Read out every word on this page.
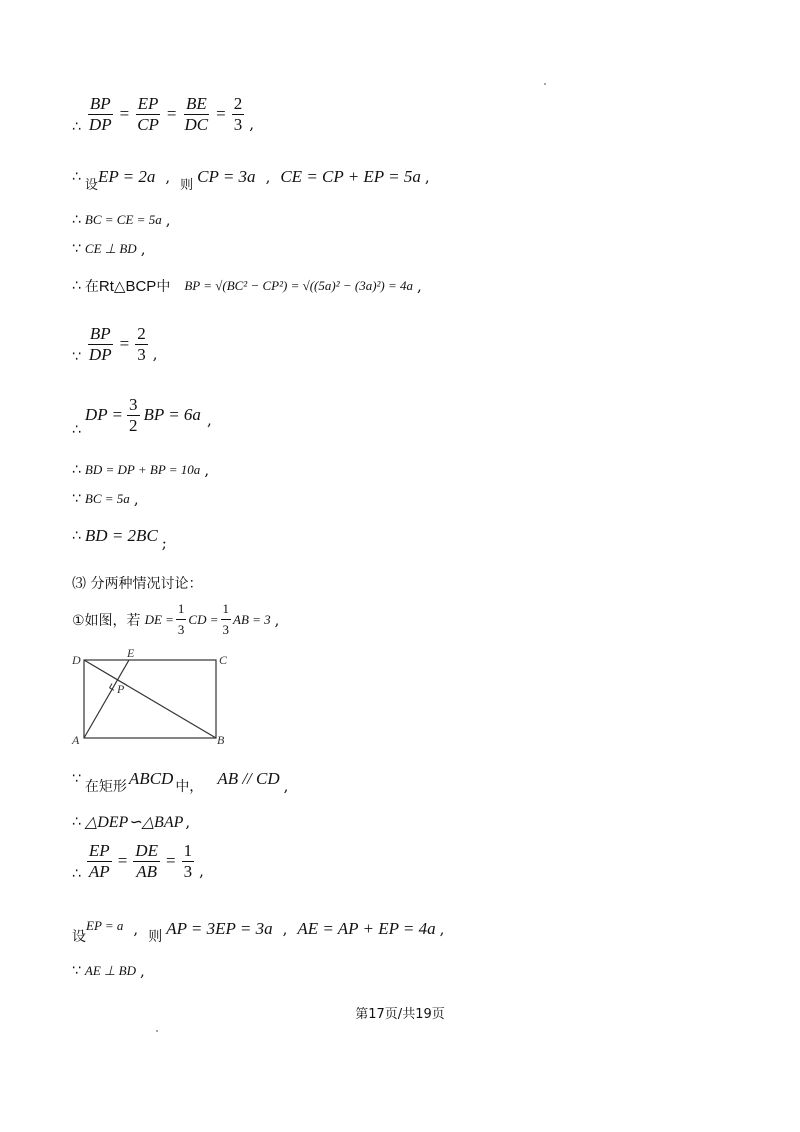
∴ $\frac{BP}{DP} = \frac{EP}{CP} = \frac{BE}{DC} = \frac{2}{3}$ ,
∴
设 EP = 2a , 则 CP = 3a , CE = CP + EP = 5a ,
∴ BC = CE = 5a ,
∵ CE ⊥ BD ,
∴ 在 Rt△BCP 中 BP = √(BC² − CP²) = √((5a)² − (3a)²) = 4a ,
∵ $\frac{BP}{DP} = \frac{2}{3}$ ,
∴
DP = $\frac{3}{2}$ BP = 6a ,
∴ BD = DP + BP = 10a ,
∵ BC = 5a ,
∴ BD = 2BC ;
⑶ 分两种情况讨论：
①如图，若 DE = $\frac{1}{3}$ CD = $\frac{1}{3}$ AB = 3 ,
D	E	C
P
A	B
∵ 在矩形 ABCD 中， AB // CD ,
∴ △DEP∽△BAP ,
∴ $\frac{EP}{AP} = \frac{DE}{AB} = \frac{1}{3}$ ,
设
EP = a , 则 AP = 3EP = 3a , AE = AP + EP = 4a ,
∵ AE ⊥ BD ,
第17页/共19页
